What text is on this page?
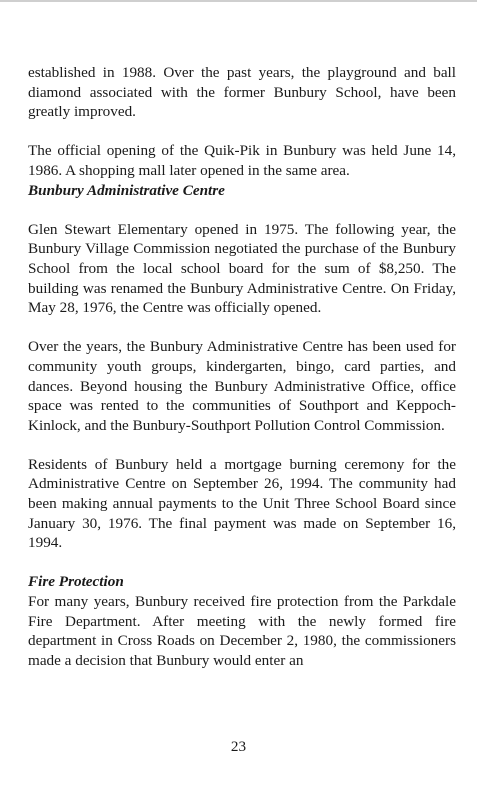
established in 1988. Over the past years, the playground and ball diamond associated with the former Bunbury School, have been greatly improved.

The official opening of the Quik-Pik in Bunbury was held June 14, 1986. A shopping mall later opened in the same area.

Bunbury Administrative Centre

Glen Stewart Elementary opened in 1975. The following year, the Bunbury Village Commission negotiated the purchase of the Bunbury School from the local school board for the sum of $8,250. The building was renamed the Bunbury Administrative Centre. On Friday, May 28, 1976, the Centre was officially opened.

Over the years, the Bunbury Administrative Centre has been used for community youth groups, kindergarten, bingo, card parties, and dances. Beyond housing the Bunbury Administrative Office, office space was rented to the communities of Southport and Keppoch-Kinlock, and the Bunbury-Southport Pollution Control Commission.

Residents of Bunbury held a mortgage burning ceremony for the Administrative Centre on September 26, 1994. The community had been making annual payments to the Unit Three School Board since January 30, 1976. The final payment was made on September 16, 1994.

Fire Protection

For many years, Bunbury received fire protection from the Parkdale Fire Department. After meeting with the newly formed fire department in Cross Roads on December 2, 1980, the commissioners made a decision that Bunbury would enter an

23
